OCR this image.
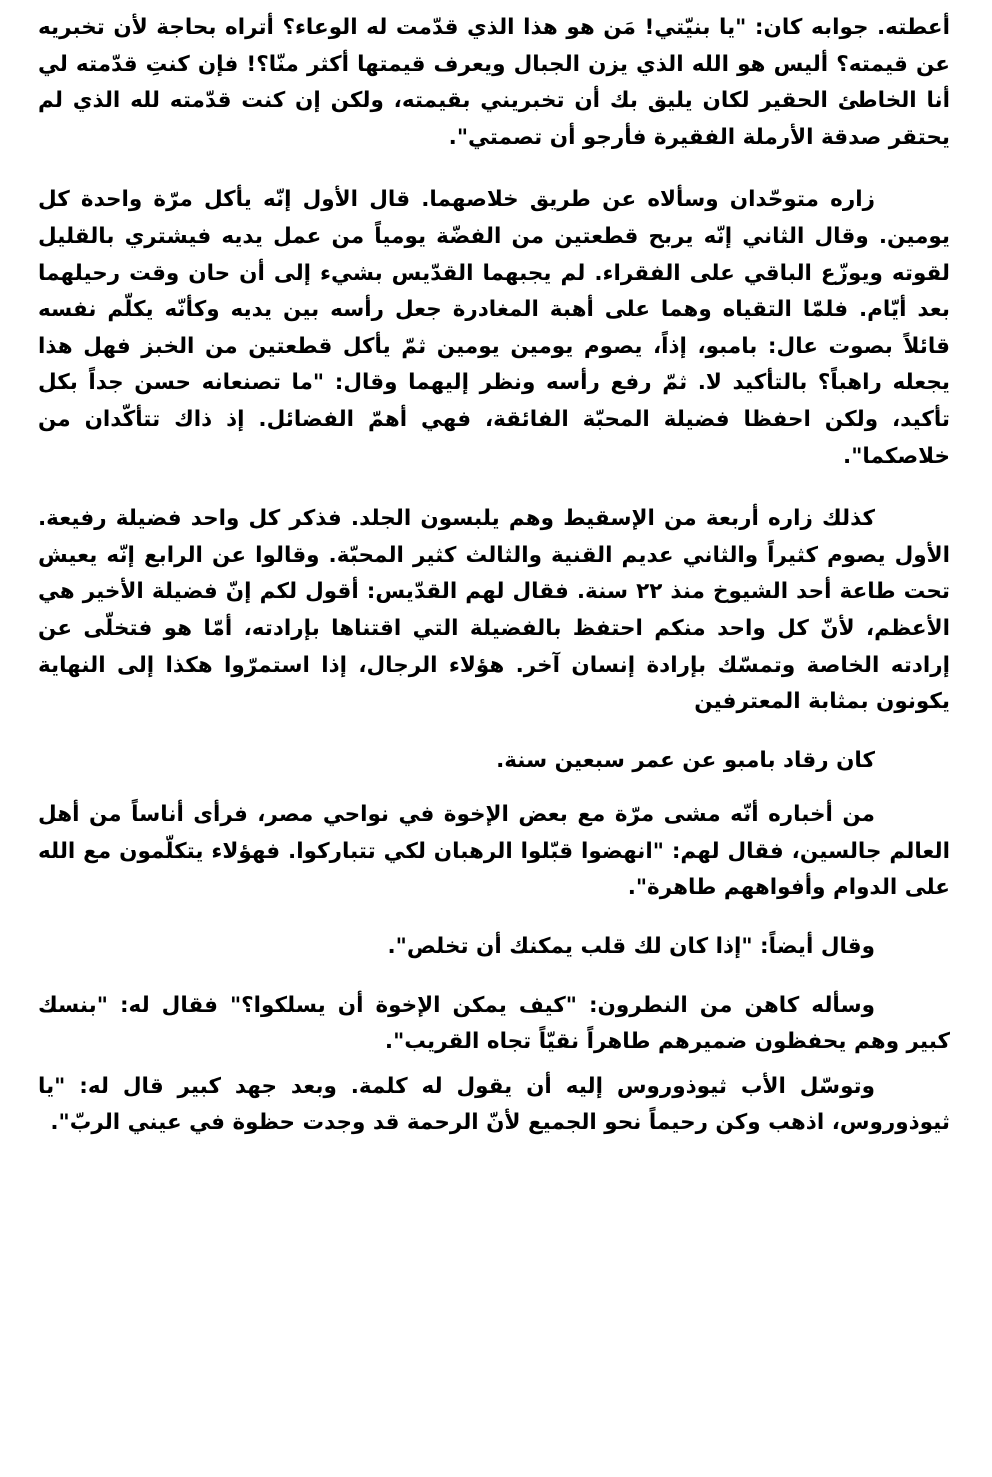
أعطته. جوابه كان: "يا بنيّتي! مَن هو هذا الذي قدّمت له الوعاء؟ أتراه بحاجة لأن تخبريه عن قيمته؟ أليس هو الله الذي يزن الجبال ويعرف قيمتها أكثر منّا؟! فإن كنتِ قدّمته لي أنا الخاطئ الحقير لكان يليق بك أن تخبريني بقيمته، ولكن إن كنت قدّمته لله الذي لم يحتقر صدقة الأرملة الفقيرة فأرجو أن تصمتي".

زاره متوحّدان وسألاه عن طريق خلاصهما. قال الأول إنّه يأكل مرّة واحدة كل يومين. وقال الثاني إنّه يربح قطعتين من الفضّة يومياً من عمل يديه فيشتري بالقليل لقوته ويوزّع الباقي على الفقراء. لم يجبهما القدّيس بشيء إلى أن حان وقت رحيلهما بعد أيّام. فلمّا التقياه وهما على أهبة المغادرة جعل رأسه بين يديه وكأنّه يكلّم نفسه قائلاً بصوت عال: بامبو، إذاً، يصوم يومين يومين ثمّ يأكل قطعتين من الخبز فهل هذا يجعله راهباً؟ بالتأكيد لا. ثمّ رفع رأسه ونظر إليهما وقال: "ما تصنعانه حسن جداً بكل تأكيد، ولكن احفظا فضيلة المحبّة الفائقة، فهي أهمّ الفضائل. إذ ذاك تتأكّدان من خلاصكما".

كذلك زاره أربعة من الإسقيط وهم يلبسون الجلد. فذكر كل واحد فضيلة رفيعة. الأول يصوم كثيراً والثاني عديم القنية والثالث كثير المحبّة. وقالوا عن الرابع إنّه يعيش تحت طاعة أحد الشيوخ منذ ٢٢ سنة. فقال لهم القدّيس: أقول لكم إنّ فضيلة الأخير هي الأعظم، لأنّ كل واحد منكم احتفظ بالفضيلة التي اقتناها بإرادته، أمّا هو فتخلّى عن إرادته الخاصة وتمسّك بإرادة إنسان آخر. هؤلاء الرجال، إذا استمرّوا هكذا إلى النهاية يكونون بمثابة المعترفين

كان رقاد بامبو عن عمر سبعين سنة.

من أخباره أنّه مشى مرّة مع بعض الإخوة في نواحي مصر، فرأى أناساً من أهل العالم جالسين، فقال لهم: "انهضوا قبّلوا الرهبان لكي تتباركوا. فهؤلاء يتكلّمون مع الله على الدوام وأفواههم طاهرة".

وقال أيضاً: "إذا كان لك قلب يمكنك أن تخلص".

وسأله كاهن من النطرون: "كيف يمكن الإخوة أن يسلكوا؟" فقال له: "بنسك كبير وهم يحفظون ضميرهم طاهراً نقيّاً تجاه القريب".

وتوسّل الأب ثيوذوروس إليه أن يقول له كلمة. وبعد جهد كبير قال له: "يا ثيوذوروس، اذهب وكن رحيماً نحو الجميع لأنّ الرحمة قد وجدت حظوة في عيني الربّ".
